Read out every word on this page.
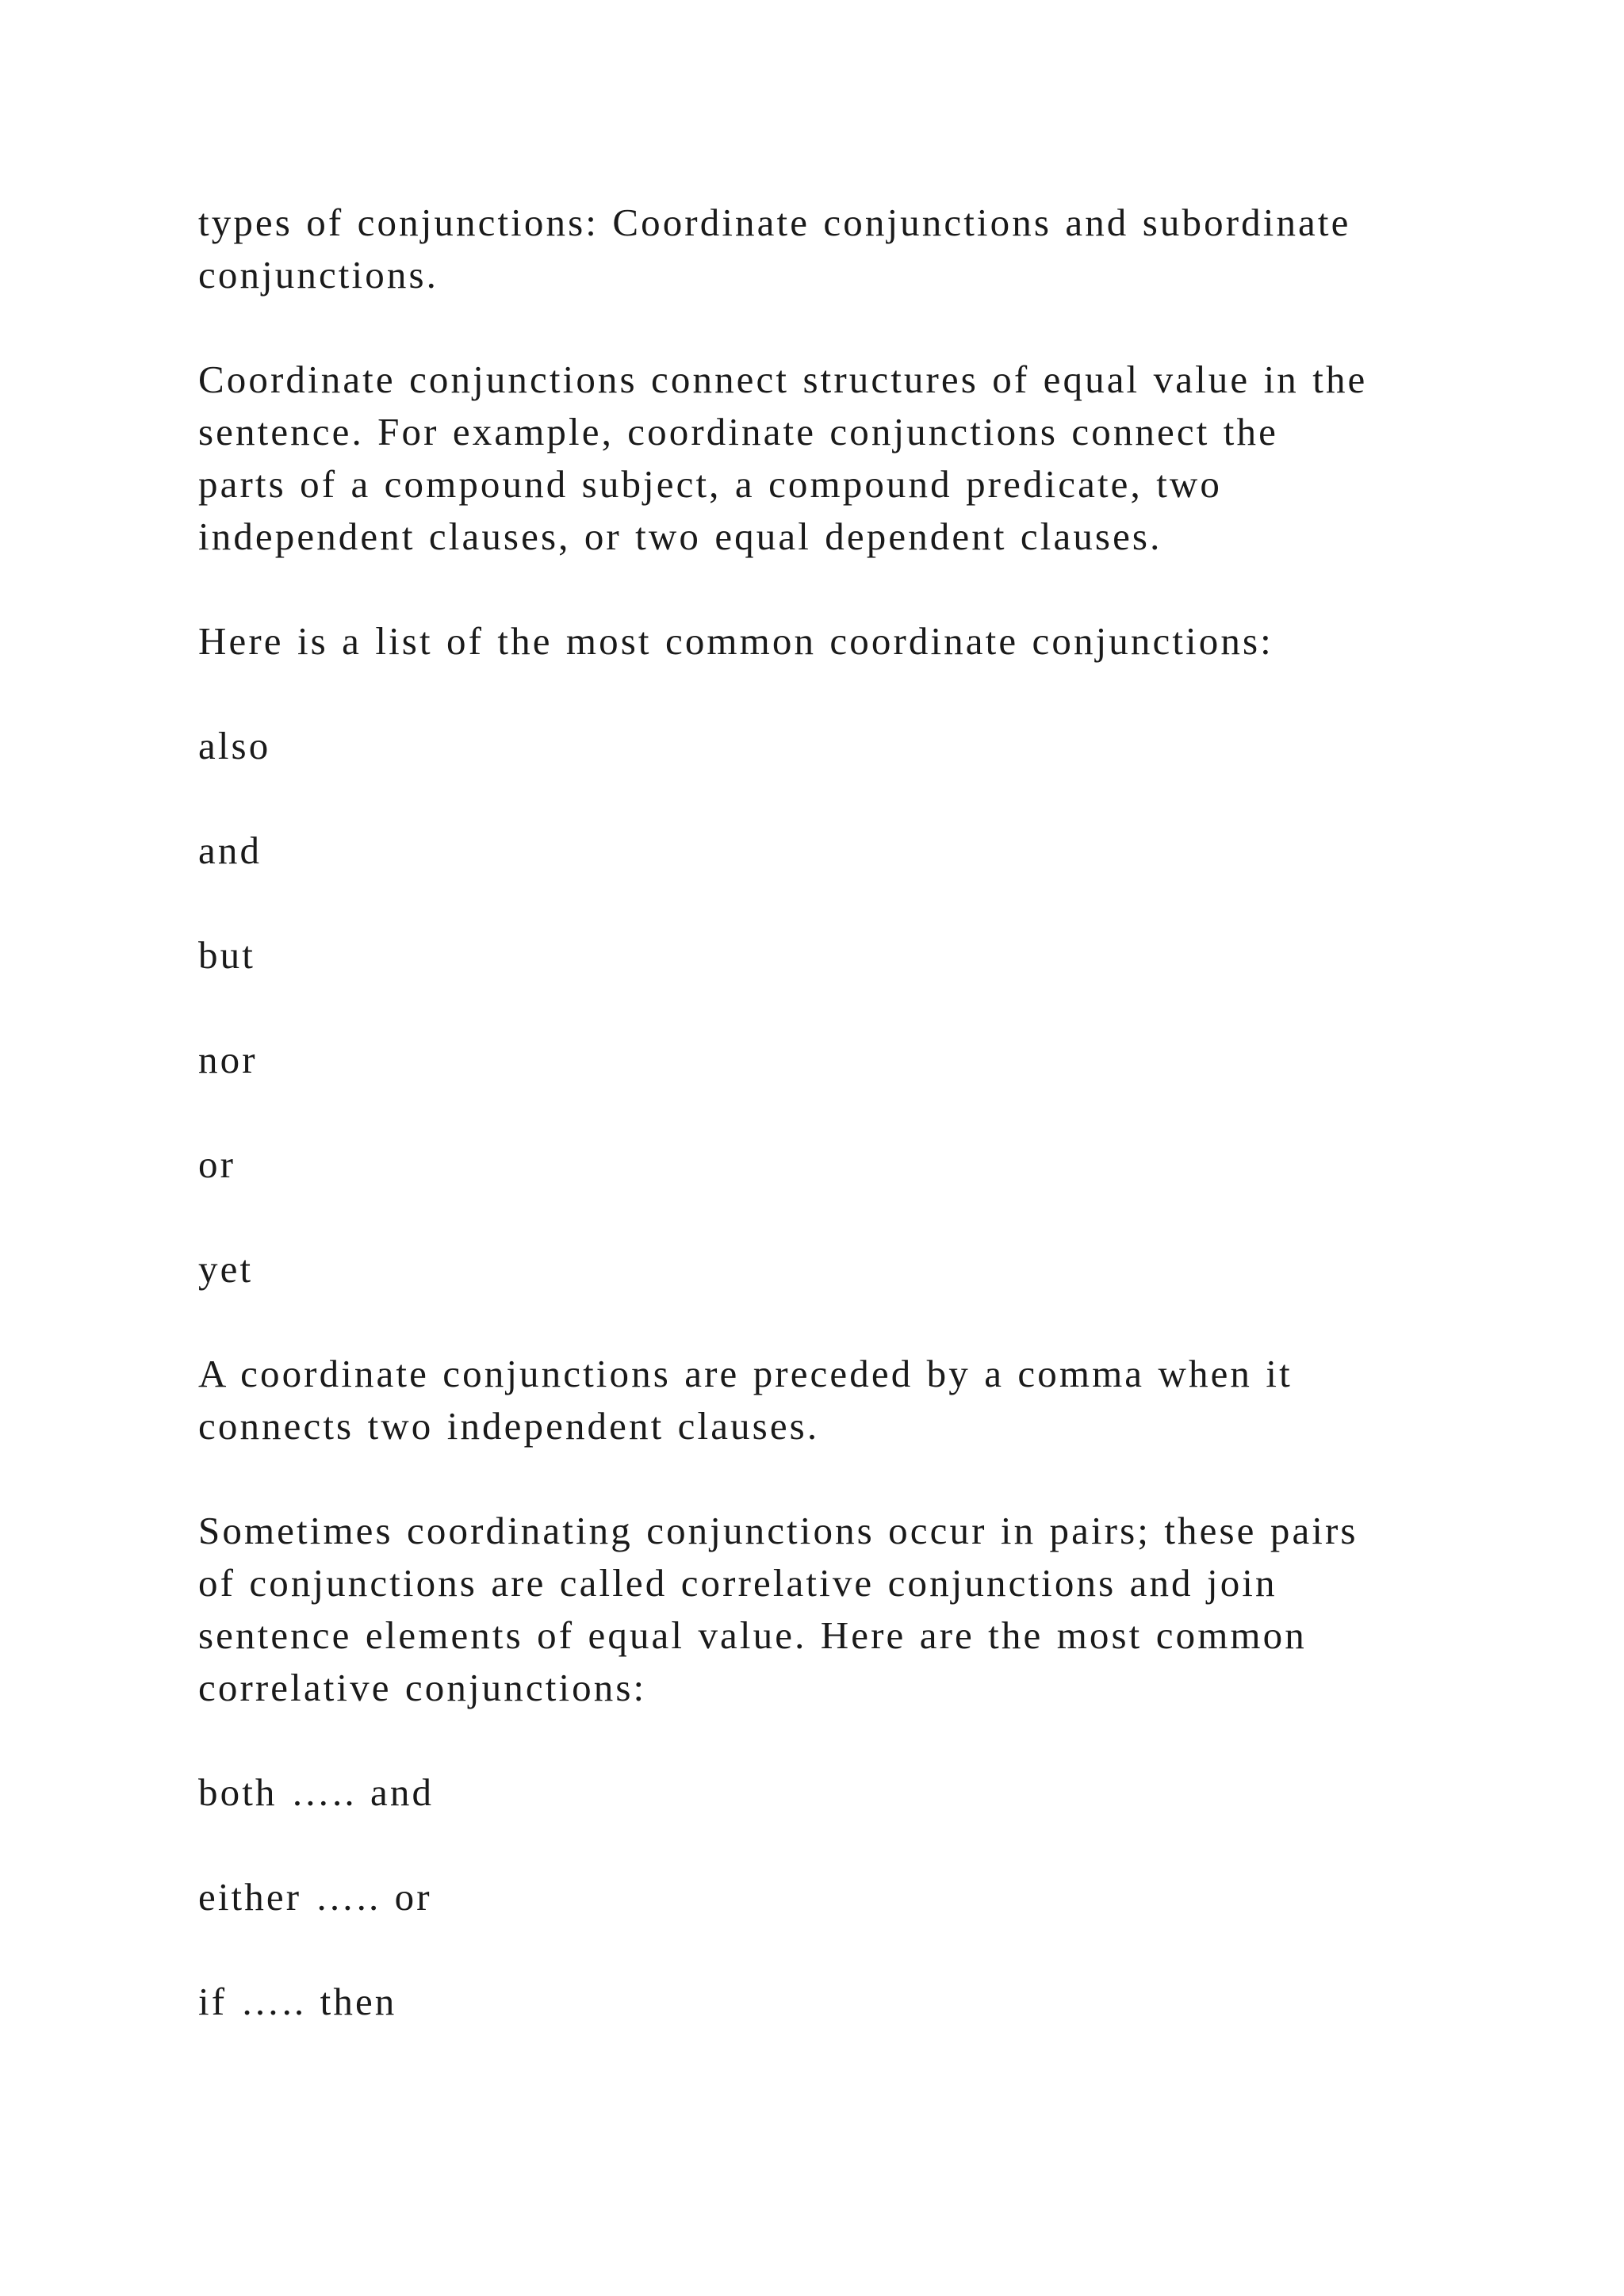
types of conjunctions: Coordinate conjunctions and subordinate
conjunctions.

Coordinate conjunctions connect structures of equal value in the
sentence. For example, coordinate conjunctions connect the
parts of a compound subject, a compound predicate, two
independent clauses, or two equal dependent clauses.

Here is a list of the most common coordinate conjunctions:

also

and

but

nor

or

yet

A coordinate conjunctions are preceded by a comma when it
connects two independent clauses.

Sometimes coordinating conjunctions occur in pairs; these pairs
of conjunctions are called correlative conjunctions and join
sentence elements of equal value. Here are the most common
correlative conjunctions:

both ….. and

either ….. or

if ….. then
